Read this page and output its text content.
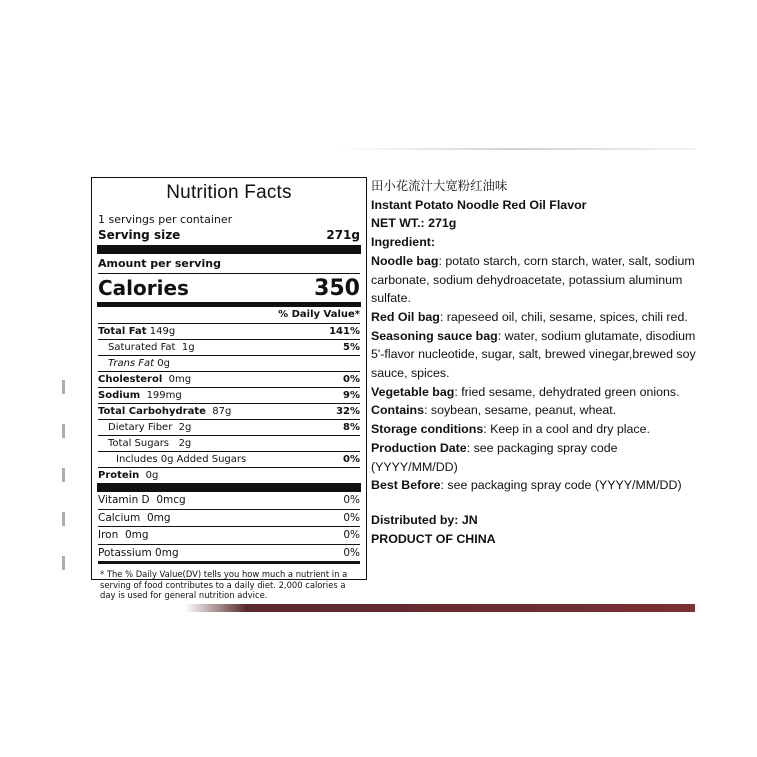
Nutrition Facts
1 servings per container
Serving size	271g
Amount per serving
Calories	350
% Daily Value*
Total Fat 149g	141%
Saturated Fat 1g	5%
Trans Fat 0g
Cholesterol 0mg	0%
Sodium 199mg	9%
Total Carbohydrate 87g	32%
Dietary Fiber 2g	8%
Total Sugars 2g
Includes 0g Added Sugars	0%
Protein 0g
Vitamin D 0mcg	0%
Calcium 0mg	0%
Iron 0mg	0%
Potassium 0mg	0%
* The % Daily Value(DV) tells you how much a nutrient in a serving of food contributes to a daily diet. 2,000 calories a day is used for general nutrition advice.

田小花流汁大宽粉红油味

Instant Potato Noodle Red Oil Flavor

NET WT.: 271g

Ingredient:

Noodle bag: potato starch, corn starch, water, salt, sodium carbonate, sodium dehydroacetate, potassium aluminum sulfate.

Red Oil bag: rapeseed oil, chili, sesame, spices, chili red.

Seasoning sauce bag: water, sodium glutamate, disodium 5'-flavor nucleotide, sugar, salt, brewed vinegar,brewed soy sauce, spices.

Vegetable bag: fried sesame, dehydrated green onions.

Contains: soybean, sesame, peanut, wheat.

Storage conditions: Keep in a cool and dry place.

Production Date: see packaging spray code (YYYY/MM/DD)

Best Before: see packaging spray code (YYYY/MM/DD)

Distributed by: JN

PRODUCT OF CHINA
